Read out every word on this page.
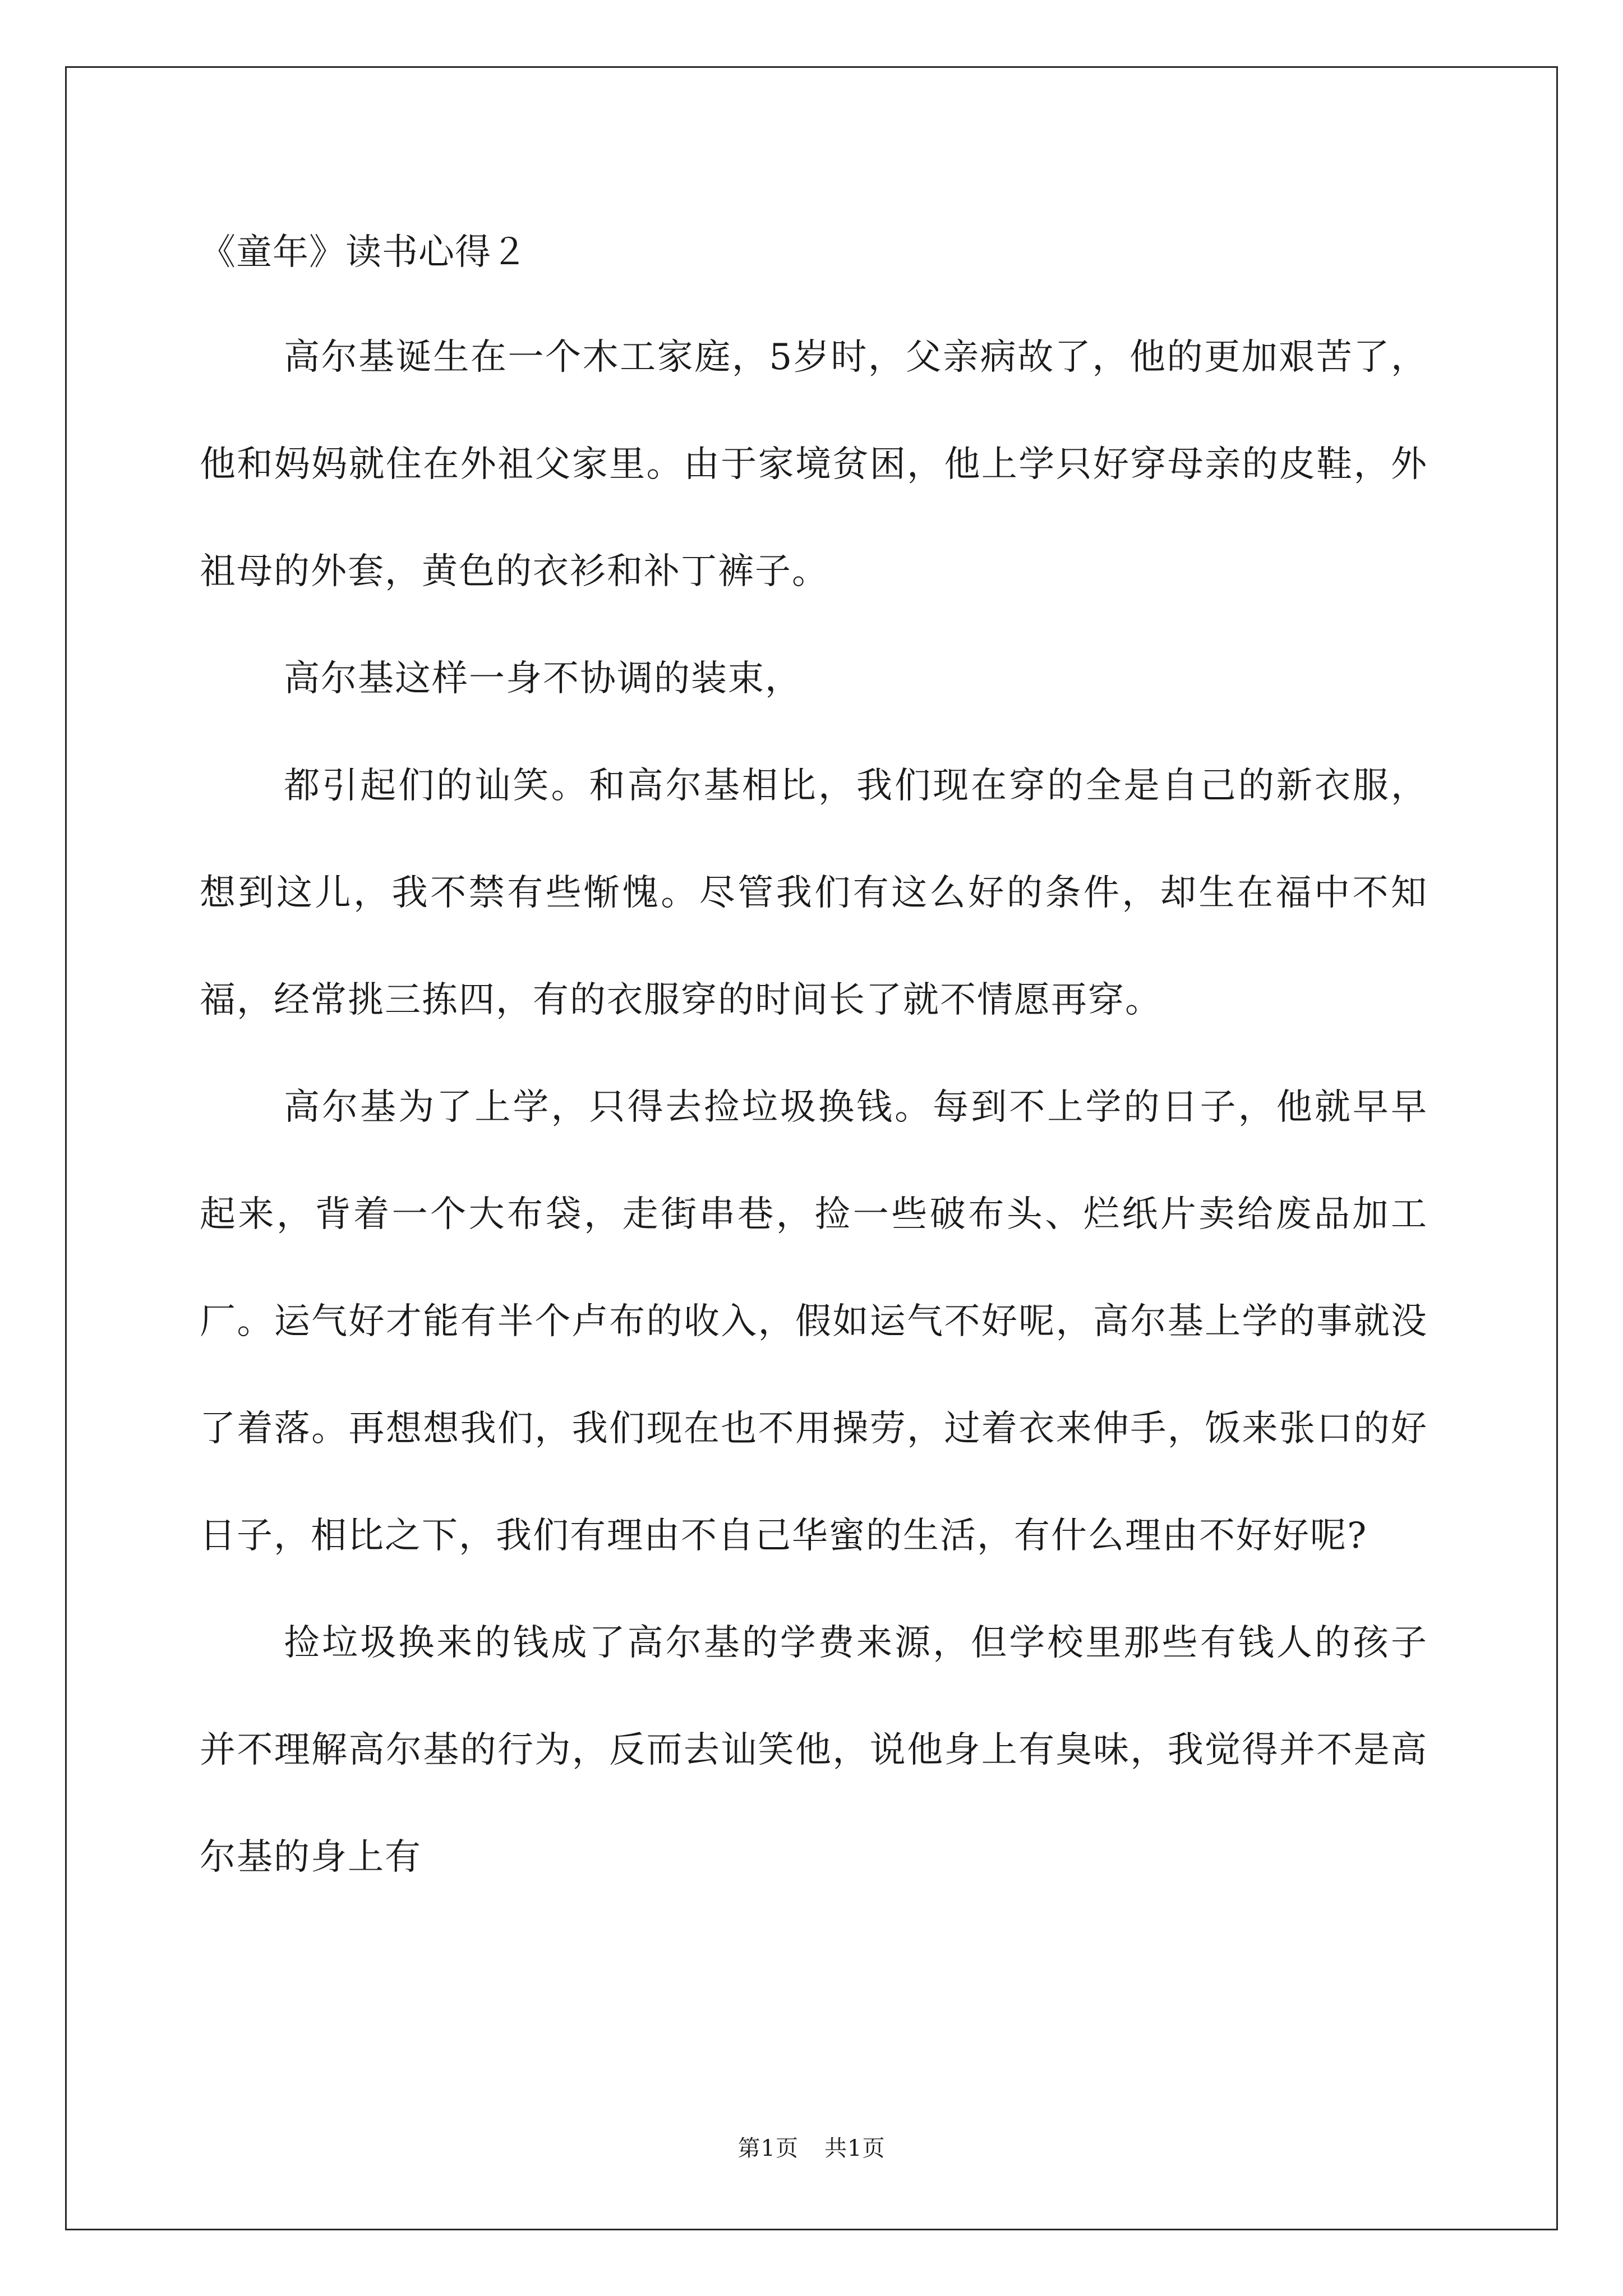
《童年》读书心得２

高尔基诞生在一个木工家庭，5岁时，父亲病故了，他的更加艰苦了，他和妈妈就住在外祖父家里。由于家境贫困，他上学只好穿母亲的皮鞋，外祖母的外套，黄色的衣衫和补丁裤子。

高尔基这样一身不协调的装束，

都引起们的讪笑。和高尔基相比，我们现在穿的全是自己的新衣服，想到这儿，我不禁有些惭愧。尽管我们有这么好的条件，却生在福中不知福，经常挑三拣四，有的衣服穿的时间长了就不情愿再穿。

高尔基为了上学，只得去捡垃圾换钱。每到不上学的日子，他就早早起来，背着一个大布袋，走街串巷，捡一些破布头、烂纸片卖给废品加工厂。运气好才能有半个卢布的收入，假如运气不好呢，高尔基上学的事就没了着落。再想想我们，我们现在也不用操劳，过着衣来伸手，饭来张口的好日子，相比之下，我们有理由不自己华蜜的生活，有什么理由不好好呢?

捡垃圾换来的钱成了高尔基的学费来源，但学校里那些有钱人的孩子并不理解高尔基的行为，反而去讪笑他，说他身上有臭味，我觉得并不是高尔基的身上有

第1页 共1页
